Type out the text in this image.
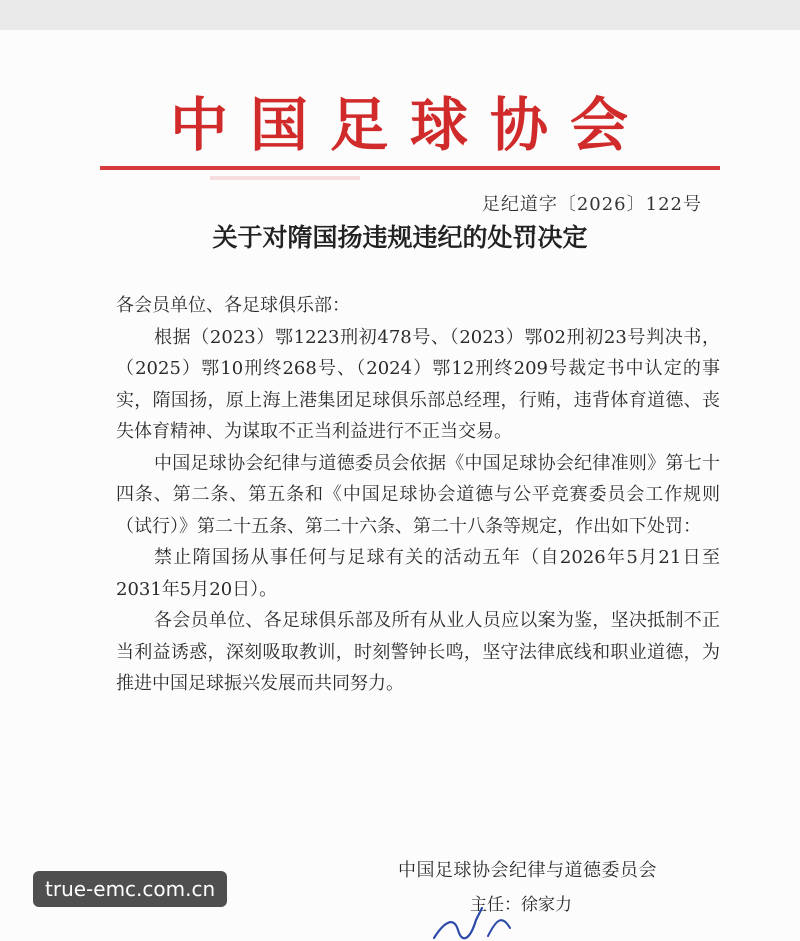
中国足球协会
足纪道字〔2026〕122号
关于对隋国扬违规违纪的处罚决定

各会员单位、各足球俱乐部：

根据（2023）鄂1223刑初478号、（2023）鄂02刑初23号判决书，（2025）鄂10刑终268号、（2024）鄂12刑终209号裁定书中认定的事实，隋国扬，原上海上港集团足球俱乐部总经理，行贿，违背体育道德、丧失体育精神、为谋取不正当利益进行不正当交易。

中国足球协会纪律与道德委员会依据《中国足球协会纪律准则》第七十四条、第二条、第五条和《中国足球协会道德与公平竞赛委员会工作规则（试行）》第二十五条、第二十六条、第二十八条等规定，作出如下处罚：

禁止隋国扬从事任何与足球有关的活动五年（自2026年5月21日至2031年5月20日）。

各会员单位、各足球俱乐部及所有从业人员应以案为鉴，坚决抵制不正当利益诱惑，深刻吸取教训，时刻警钟长鸣，坚守法律底线和职业道德，为推进中国足球振兴发展而共同努力。

中国足球协会纪律与道德委员会
主任：徐家力
true-emc.com.cn
